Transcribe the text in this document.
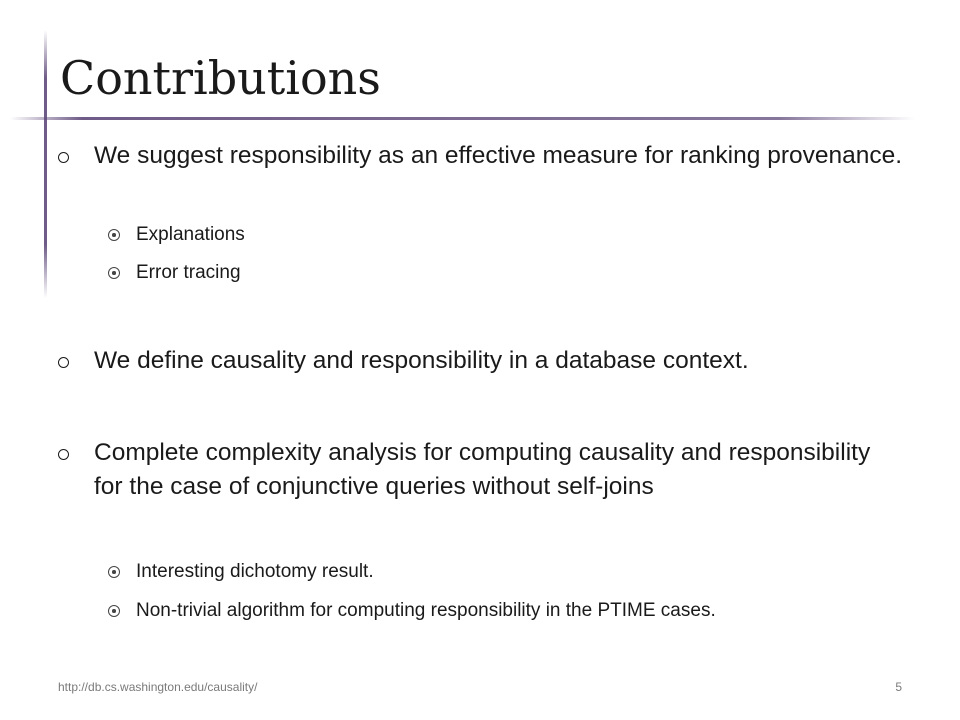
Contributions
We suggest responsibility as an effective measure for ranking provenance.
Explanations
Error tracing
We define causality and responsibility in a database context.
Complete complexity analysis for computing causality and responsibility for the case of conjunctive queries without self-joins
Interesting dichotomy result.
Non-trivial algorithm for computing responsibility in the PTIME cases.
http://db.cs.washington.edu/causality/	5
